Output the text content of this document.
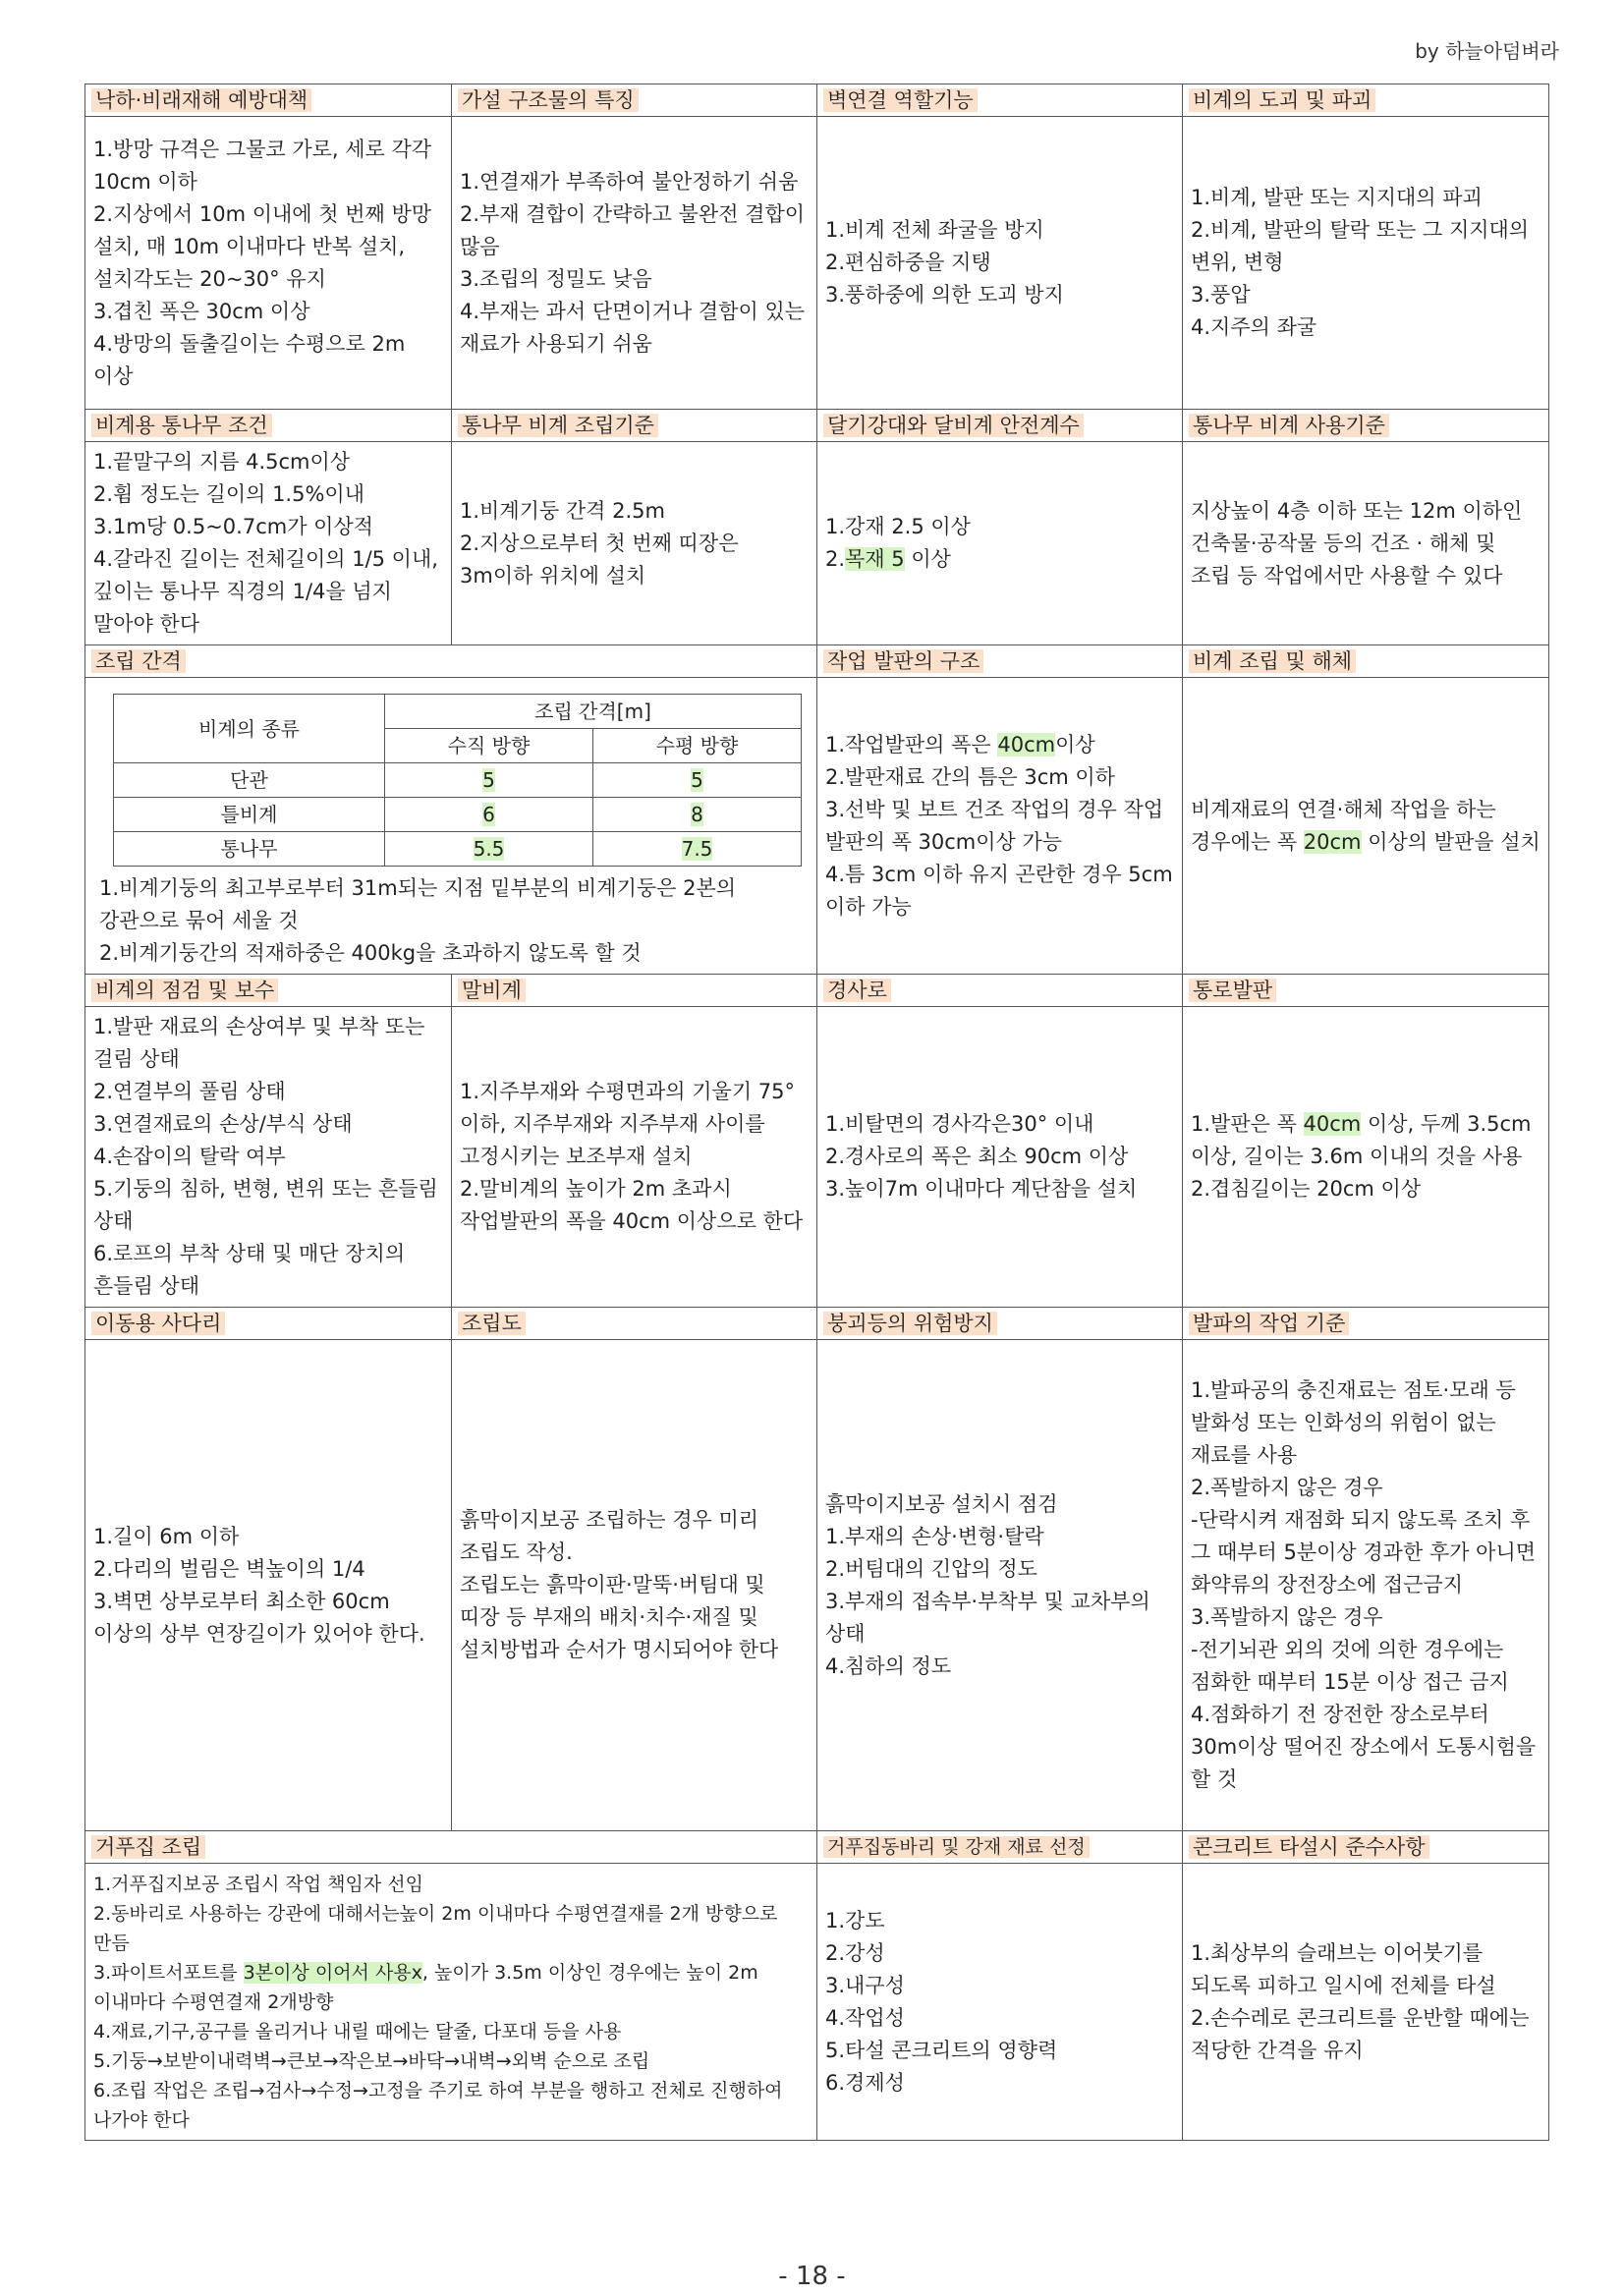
by 하늘아덤벼라
낙하·비래재해 예방대책	가설 구조물의 특징	벽연결 역할기능	비계의 도괴 및 파괴

1.방망 규격은 그물코 가로, 세로 각각 10cm 이하
2.지상에서 10m 이내에 첫 번째 방망 설치, 매 10m 이내마다 반복 설치, 설치각도는 20~30° 유지
3.겹친 폭은 30cm 이상
4.방망의 돌출길이는 수평으로 2m 이상

1.연결재가 부족하여 불안정하기 쉬움
2.부재 결합이 간략하고 불완전 결합이 많음
3.조립의 정밀도 낮음
4.부재는 과서 단면이거나 결함이 있는 재료가 사용되기 쉬움

1.비계 전체 좌굴을 방지
2.편심하중을 지탱
3.풍하중에 의한 도괴 방지

1.비계, 발판 또는 지지대의 파괴
2.비계, 발판의 탈락 또는 그 지지대의 변위, 변형
3.풍압
4.지주의 좌굴

비계용 통나무 조건	통나무 비계 조립기준	달기강대와 달비계 안전계수	통나무 비계 사용기준

1.끝말구의 지름 4.5cm이상
2.휨 정도는 길이의 1.5%이내
3.1m당 0.5~0.7cm가 이상적
4.갈라진 길이는 전체길이의 1/5 이내, 깊이는 통나무 직경의 1/4을 넘지 말아야 한다

1.비계기둥 간격 2.5m
2.지상으로부터 첫 번째 띠장은 3m이하 위치에 설치

1.강재 2.5 이상
2.목재 5 이상
	지상높이 4층 이하 또는 12m 이하인 건축물·공작물 등의 건조 · 해체 및 조립 등 작업에서만 사용할 수 있다
조립 간격	작업 발판의 구조	비계 조립 및 해체

비계의 종류	조립 간격[m]
수직 방향	수평 방향
단관	5	5
틀비계	6	8
통나무	5.5	7.5
1.비계기둥의 최고부로부터 31m되는 지점 밑부분의 비계기둥은 2본의 강관으로 묶어 세울 것
2.비계기둥간의 적재하중은 400kg을 초과하지 않도록 할 것

1.작업발판의 폭은 40cm이상
2.발판재료 간의 틈은 3cm 이하
3.선박 및 보트 건조 작업의 경우 작업 발판의 폭 30cm이상 가능
4.틈 3cm 이하 유지 곤란한 경우 5cm 이하 가능
	비계재료의 연결·해체 작업을 하는 경우에는 폭 20cm 이상의 발판을 설치
비계의 점검 및 보수	말비계	경사로	통로발판

1.발판 재료의 손상여부 및 부착 또는 걸림 상태
2.연결부의 풀림 상태
3.연결재료의 손상/부식 상태
4.손잡이의 탈락 여부
5.기둥의 침하, 변형, 변위 또는 흔들림 상태
6.로프의 부착 상태 및 매단 장치의 흔들림 상태

1.지주부재와 수평면과의 기울기 75° 이하, 지주부재와 지주부재 사이를 고정시키는 보조부재 설치
2.말비계의 높이가 2m 초과시 작업발판의 폭을 40cm 이상으로 한다

1.비탈면의 경사각은30° 이내
2.경사로의 폭은 최소 90cm 이상
3.높이7m 이내마다 계단참을 설치

1.발판은 폭 40cm 이상, 두께 3.5cm 이상, 길이는 3.6m 이내의 것을 사용
2.겹침길이는 20cm 이상

이동용 사다리	조립도	붕괴등의 위험방지	발파의 작업 기준

1.길이 6m 이하
2.다리의 벌림은 벽높이의 1/4
3.벽면 상부로부터 최소한 60cm 이상의 상부 연장길이가 있어야 한다.

흙막이지보공 조립하는 경우 미리 조립도 작성.
조립도는 흙막이판·말뚝·버팀대 및 띠장 등 부재의 배치·치수·재질 및 설치방법과 순서가 명시되어야 한다

흙막이지보공 설치시 점검
1.부재의 손상·변형·탈락
2.버팀대의 긴압의 정도
3.부재의 접속부·부착부 및 교차부의 상태
4.침하의 정도

1.발파공의 충진재료는 점토·모래 등 발화성 또는 인화성의 위험이 없는 재료를 사용
2.폭발하지 않은 경우
-단락시켜 재점화 되지 않도록 조치 후 그 때부터 5분이상 경과한 후가 아니면 화약류의 장전장소에 접근금지
3.폭발하지 않은 경우
-전기뇌관 외의 것에 의한 경우에는 점화한 때부터 15분 이상 접근 금지
4.점화하기 전 장전한 장소로부터 30m이상 떨어진 장소에서 도통시험을 할 것

거푸집 조립	거푸집동바리 및 강재 재료 선정	콘크리트 타설시 준수사항

1.거푸집지보공 조립시 작업 책임자 선임
2.동바리로 사용하는 강관에 대해서는높이 2m 이내마다 수평연결재를 2개 방향으로 만듬
3.파이트서포트를 3본이상 이어서 사용x, 높이가 3.5m 이상인 경우에는 높이 2m 이내마다 수평연결재 2개방향
4.재료,기구,공구를 올리거나 내릴 때에는 달줄, 다포대 등을 사용
5.기둥→보받이내력벽→큰보→작은보→바닥→내벽→외벽 순으로 조립
6.조립 작업은 조립→검사→수정→고정을 주기로 하여 부분을 행하고 전체로 진행하여 나가야 한다

1.강도
2.강성
3.내구성
4.작업성
5.타설 콘크리트의 영향력
6.경제성

1.최상부의 슬래브는 이어붓기를 되도록 피하고 일시에 전체를 타설
2.손수레로 콘크리트를 운반할 때에는 적당한 간격을 유지
- 18 -
